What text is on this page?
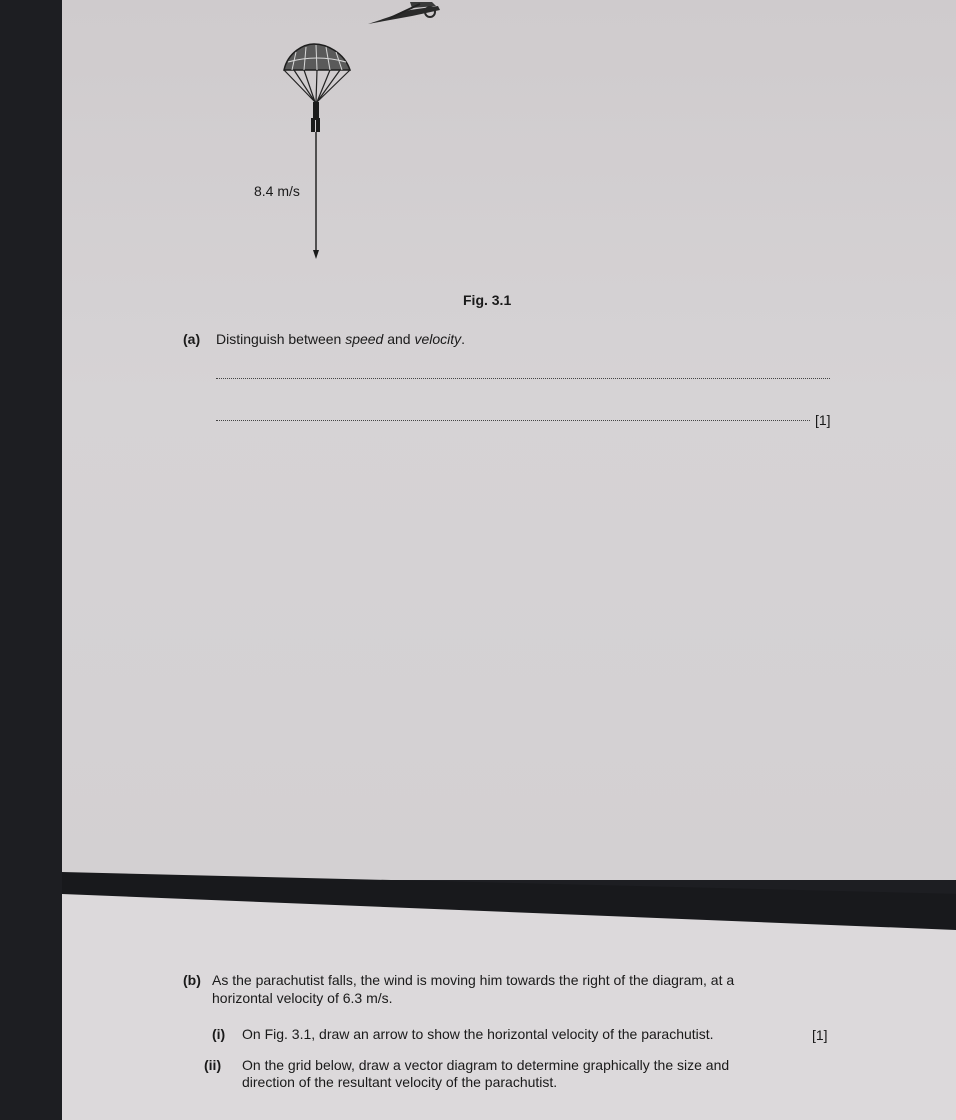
8.4 m/s
Fig. 3.1
(a) Distinguish between speed and velocity.
[1]
(b) As the parachutist falls, the wind is moving him towards the right of the diagram, at a
horizontal velocity of 6.3 m/s.
(i) On Fig. 3.1, draw an arrow to show the horizontal velocity of the parachutist.	[1]
(ii) On the grid below, draw a vector diagram to determine graphically the size and
direction of the resultant velocity of the parachutist.
